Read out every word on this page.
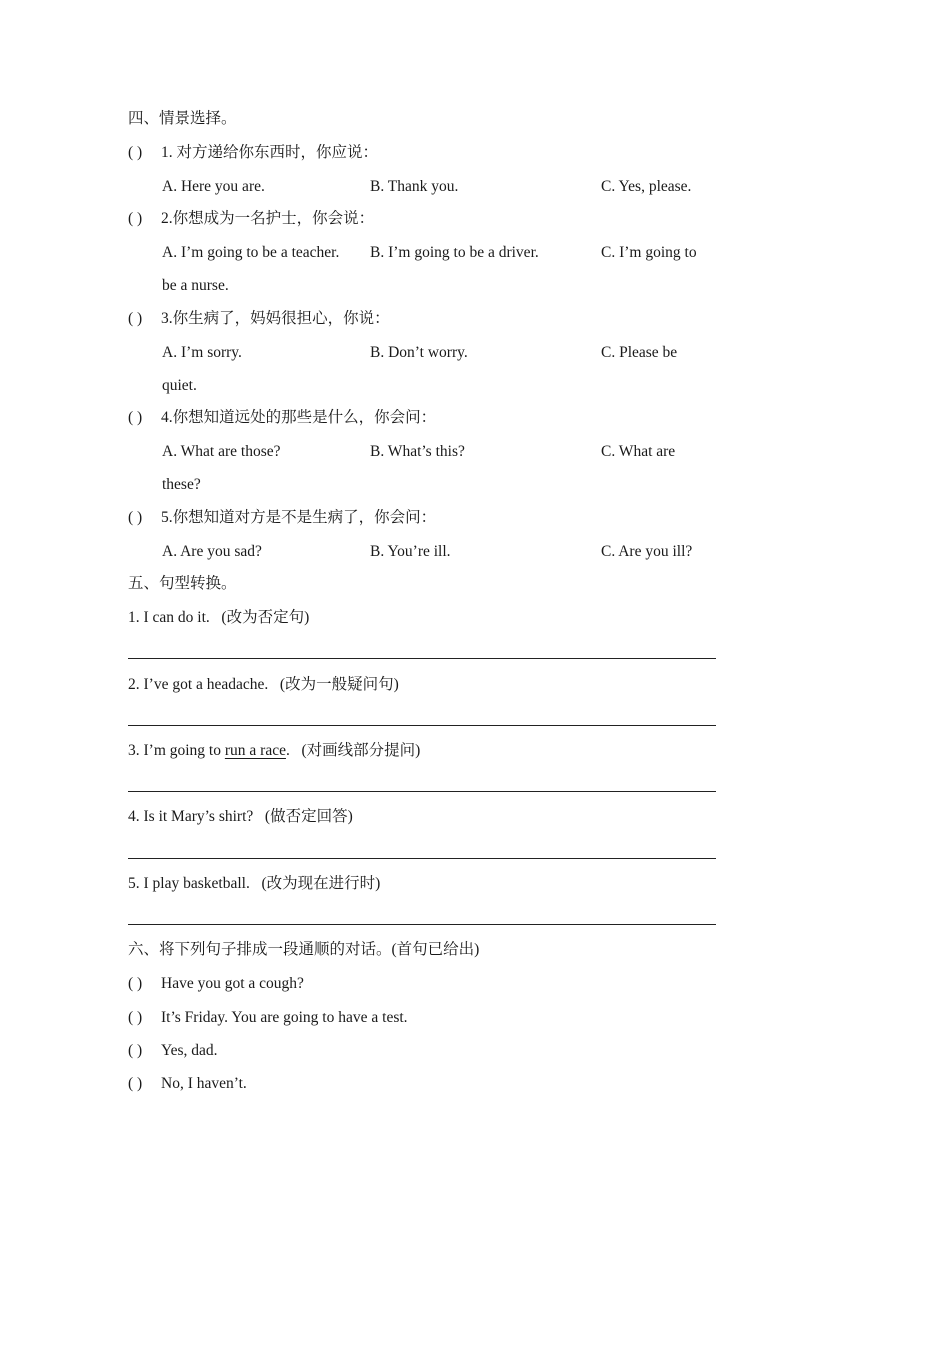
四、情景选择。
( ) 1. 对方递给你东西时，你应说：
A. Here you are.	B. Thank you.	C. Yes, please.
( ) 2.你想成为一名护士，你会说：
A. I’m going to be a teacher. B. I’m going to be a driver.	C. I’m going to
be a nurse.
( ) 3.你生病了，妈妈很担心，你说：
A. I’m sorry.	B. Don’t worry.	C. Please be
quiet.
( ) 4.你想知道远处的那些是什么，你会问：
A. What are those?	B. What’s this?	C. What are
these?
( ) 5.你想知道对方是不是生病了，你会问：
A. Are you sad?	B. You’re ill.	C. Are you ill?
五、句型转换。
1. I can do it. (改为否定句)
2. I’ve got a headache. (改为一般疑问句)
3. I’m going to run a race. (对画线部分提问)
4. Is it Mary’s shirt? (做否定回答)
5. I play basketball. (改为现在进行时)
六、将下列句子排成一段通顺的对话。(首句已给出)
( ) Have you got a cough?
( ) It’s Friday. You are going to have a test.
( ) Yes, dad.
( ) No, I haven’t.
